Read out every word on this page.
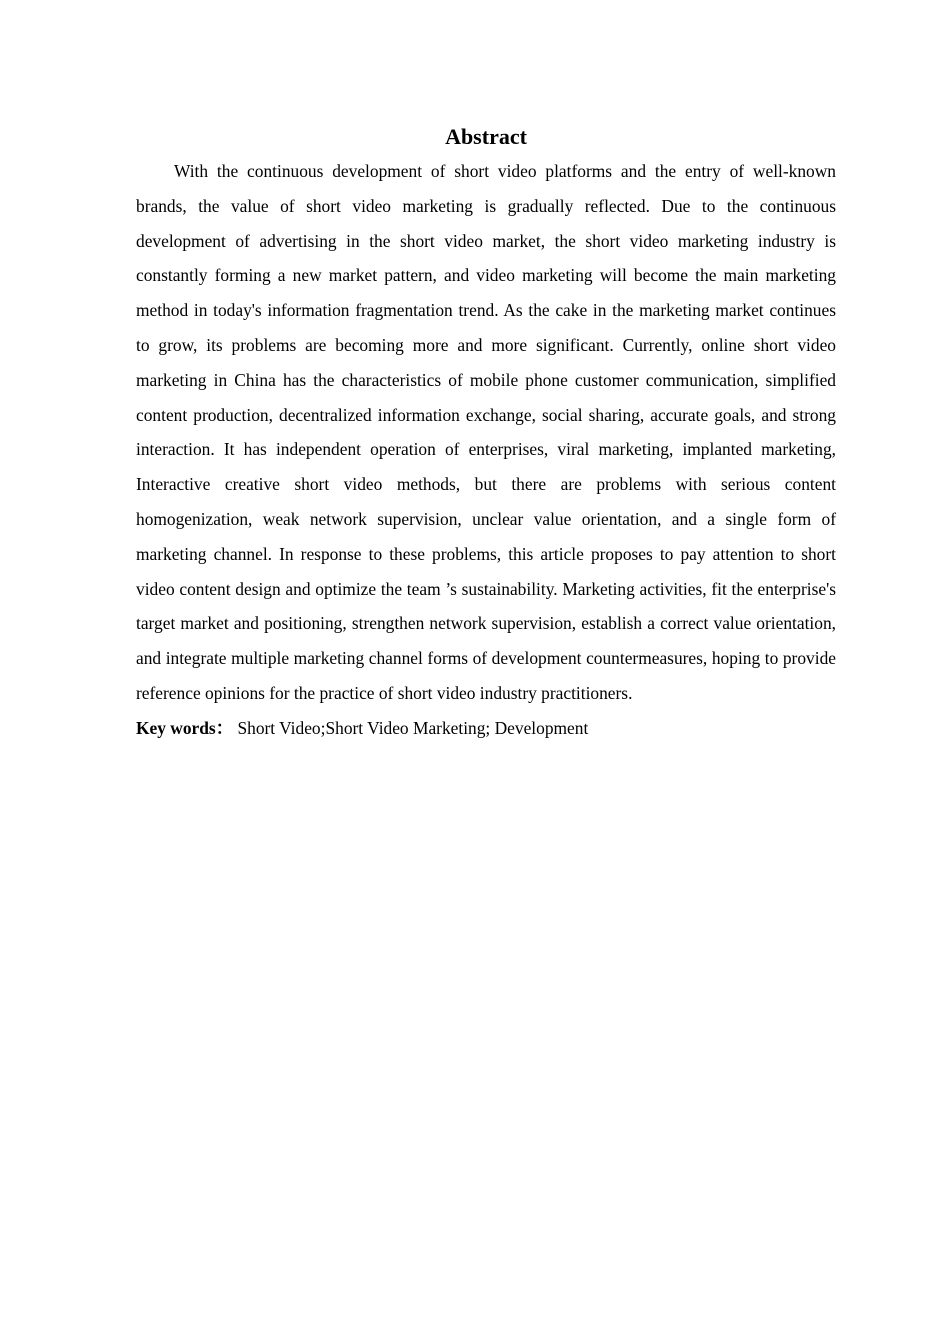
Abstract

With the continuous development of short video platforms and the entry of well-known brands, the value of short video marketing is gradually reflected. Due to the continuous development of advertising in the short video market, the short video marketing industry is constantly forming a new market pattern, and video marketing will become the main marketing method in today's information fragmentation trend. As the cake in the marketing market continues to grow, its problems are becoming more and more significant. Currently, online short video marketing in China has the characteristics of mobile phone customer communication, simplified content production, decentralized information exchange, social sharing, accurate goals, and strong interaction. It has independent operation of enterprises, viral marketing, implanted marketing, Interactive creative short video methods, but there are problems with serious content homogenization, weak network supervision, unclear value orientation, and a single form of marketing channel. In response to these problems, this article proposes to pay attention to short video content design and optimize the team ’s sustainability. Marketing activities, fit the enterprise's target market and positioning, strengthen network supervision, establish a correct value orientation, and integrate multiple marketing channel forms of development countermeasures, hoping to provide reference opinions for the practice of short video industry practitioners.

Key words： Short Video;Short Video Marketing; Development
